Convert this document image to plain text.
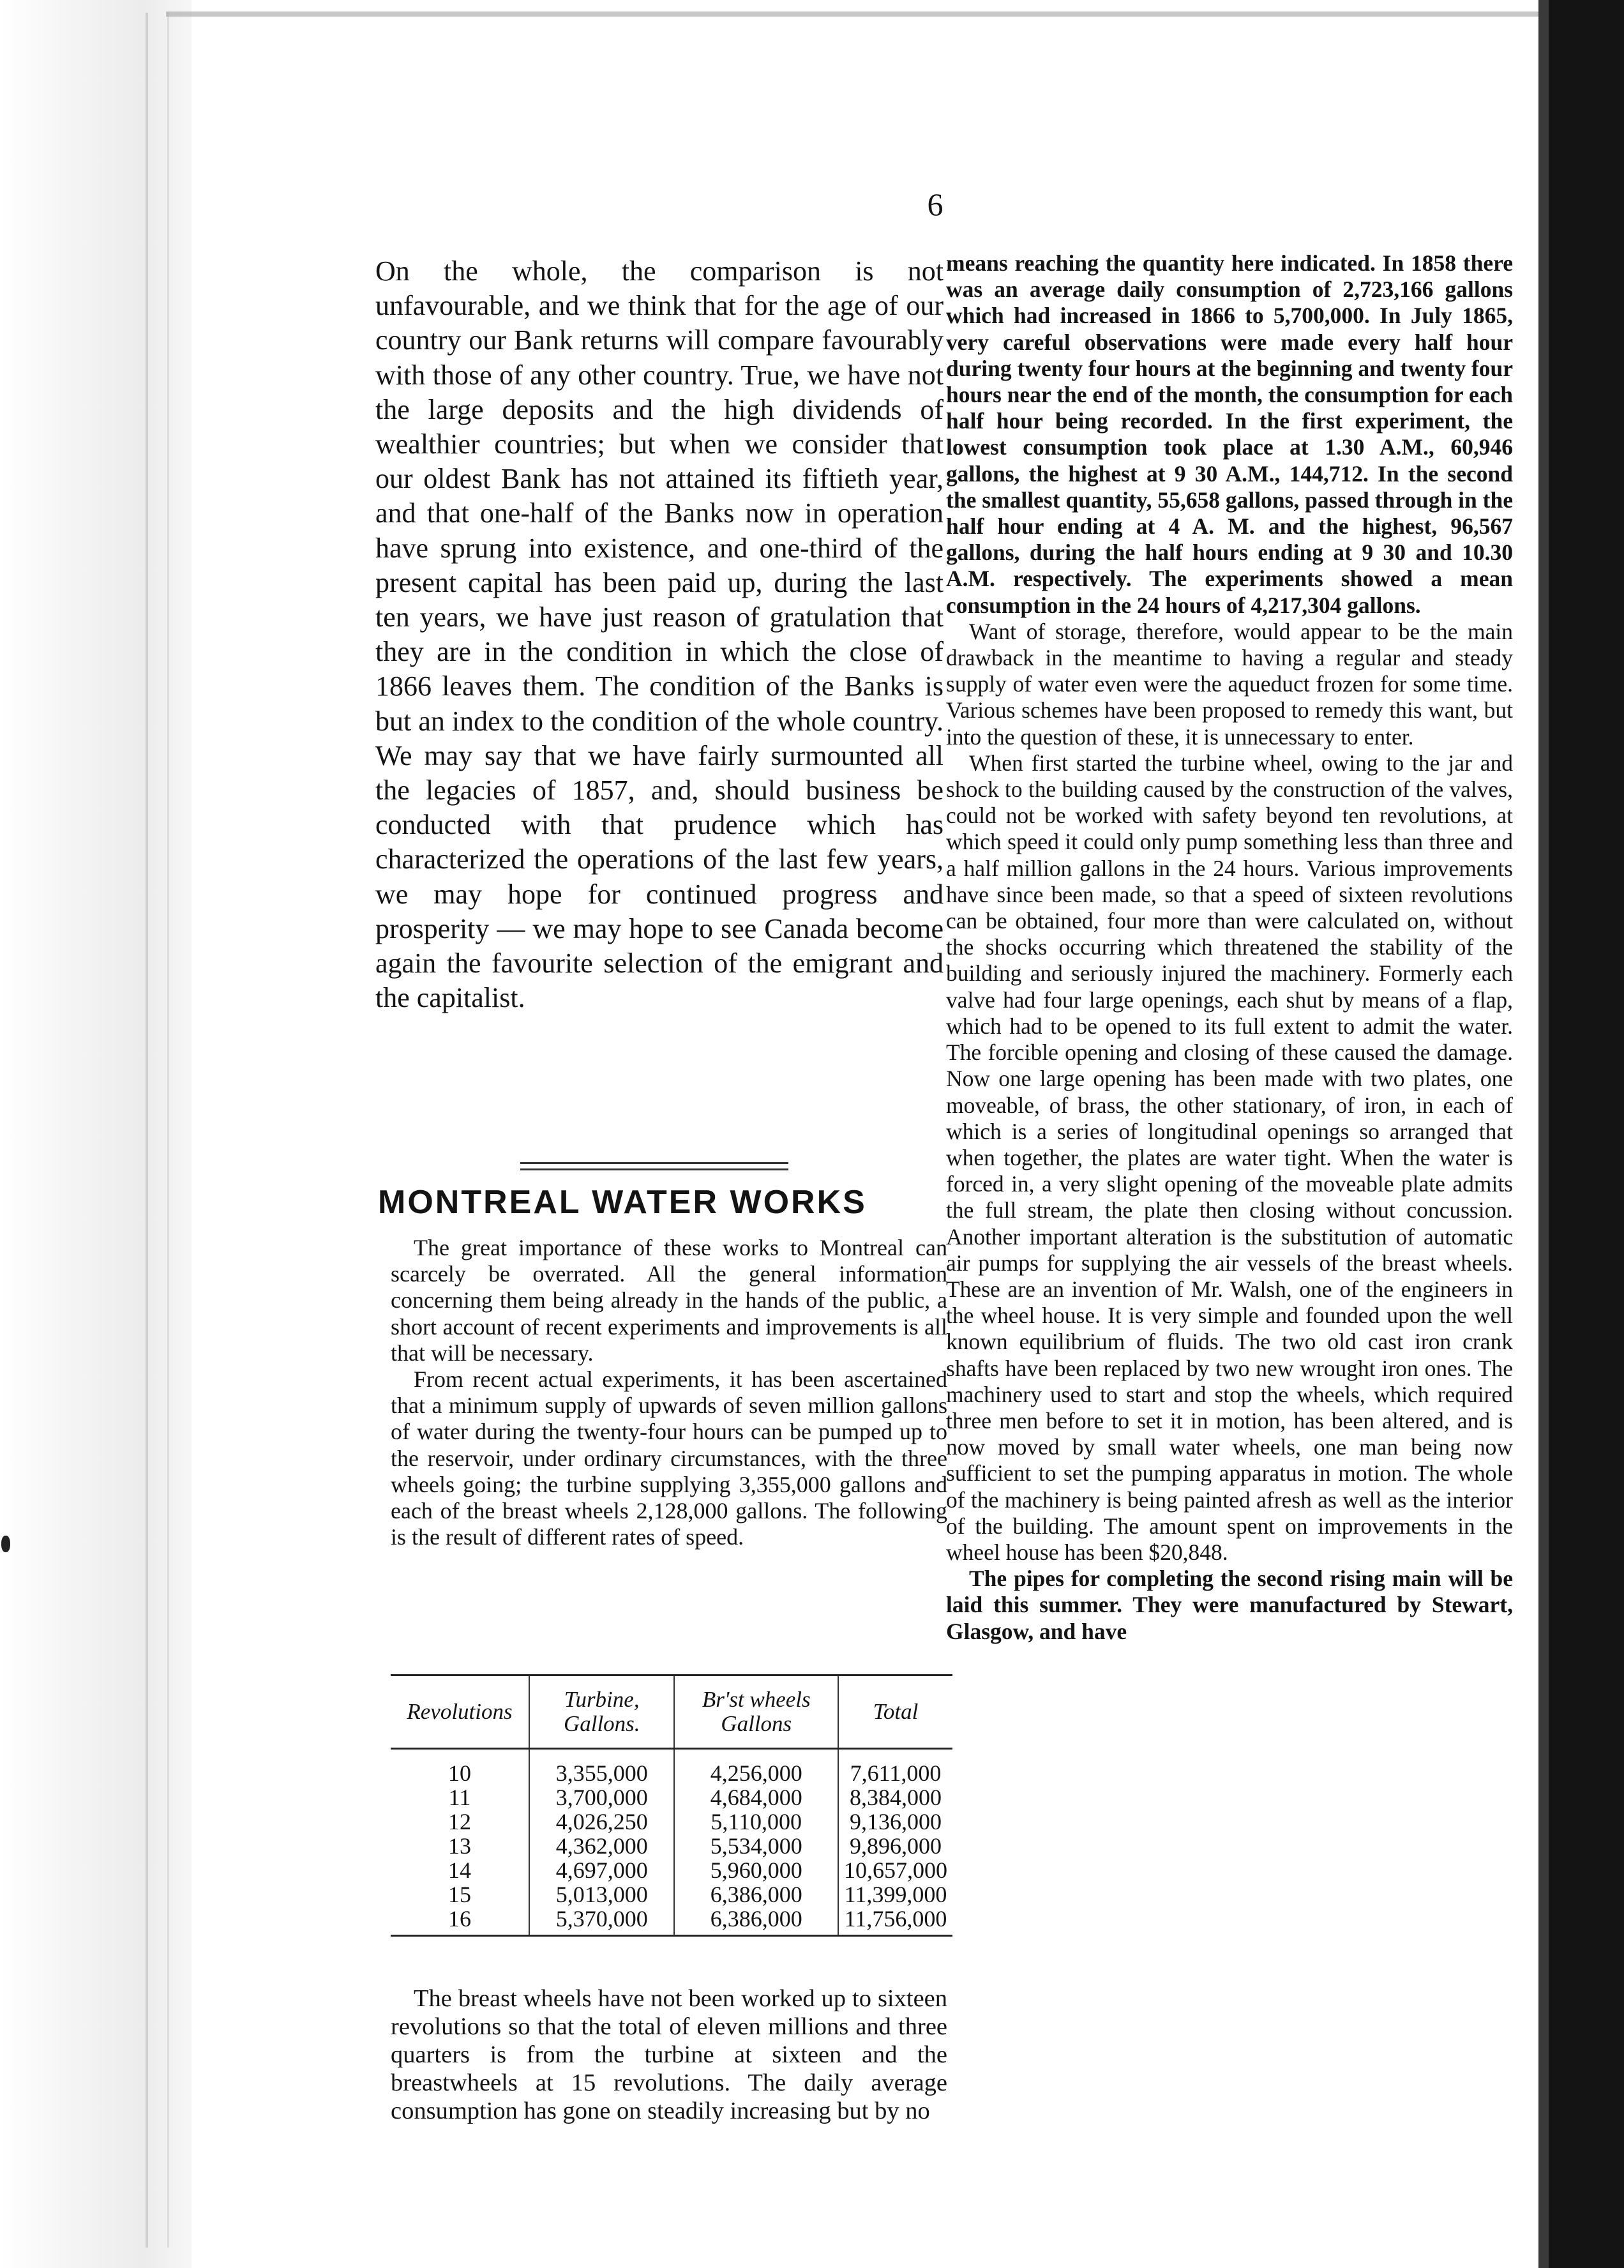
6

On the whole, the comparison is not unfavourable, and we think that for the age of our country our Bank returns will compare favourably with those of any other country. True, we have not the large deposits and the high dividends of wealthier countries; but when we consider that our oldest Bank has not attained its fiftieth year, and that one-half of the Banks now in operation have sprung into existence, and one-third of the present capital has been paid up, during the last ten years, we have just reason of gratulation that they are in the condition in which the close of 1866 leaves them. The condition of the Banks is but an index to the condition of the whole country. We may say that we have fairly surmounted all the legacies of 1857, and, should business be conducted with that prudence which has characterized the operations of the last few years, we may hope for continued progress and prosperity — we may hope to see Canada become again the favourite selection of the emigrant and the capitalist.

MONTREAL WATER WORKS

The great importance of these works to Montreal can scarcely be overrated. All the general information concerning them being already in the hands of the public, a short account of recent experiments and improvements is all that will be necessary.

From recent actual experiments, it has been ascertained that a minimum supply of upwards of seven million gallons of water during the twenty-four hours can be pumped up to the reservoir, under ordinary circumstances, with the three wheels going; the turbine supplying 3,355,000 gallons and each of the breast wheels 2,128,000 gallons. The following is the result of different rates of speed.

Revolutions	Turbine, Gallons.	Br'st wheels Gallons	Total
10	3,355,000	4,256,000	7,611,000
11	3,700,000	4,684,000	8,384,000
12	4,026,250	5,110,000	9,136,000
13	4,362,000	5,534,000	9,896,000
14	4,697,000	5,960,000	10,657,000
15	5,013,000	6,386,000	11,399,000
16	5,370,000	6,386,000	11,756,000

The breast wheels have not been worked up to sixteen revolutions so that the total of eleven millions and three quarters is from the turbine at sixteen and the breastwheels at 15 revolutions. The daily average consumption has gone on steadily increasing but by no

means reaching the quantity here indicated. In 1858 there was an average daily consumption of 2,723,166 gallons which had increased in 1866 to 5,700,000. In July 1865, very careful observations were made every half hour during twenty four hours at the beginning and twenty four hours near the end of the month, the consumption for each half hour being recorded. In the first experiment, the lowest consumption took place at 1.30 A.M., 60,946 gallons, the highest at 9 30 A.M., 144,712. In the second the smallest quantity, 55,658 gallons, passed through in the half hour ending at 4 A. M. and the highest, 96,567 gallons, during the half hours ending at 9 30 and 10.30 A.M. respectively. The experiments showed a mean consumption in the 24 hours of 4,217,304 gallons.

Want of storage, therefore, would appear to be the main drawback in the meantime to having a regular and steady supply of water even were the aqueduct frozen for some time. Various schemes have been proposed to remedy this want, but into the question of these, it is unnecessary to enter.

When first started the turbine wheel, owing to the jar and shock to the building caused by the construction of the valves, could not be worked with safety beyond ten revolutions, at which speed it could only pump something less than three and a half million gallons in the 24 hours. Various improvements have since been made, so that a speed of sixteen revolutions can be obtained, four more than were calculated on, without the shocks occurring which threatened the stability of the building and seriously injured the machinery. Formerly each valve had four large openings, each shut by means of a flap, which had to be opened to its full extent to admit the water. The forcible opening and closing of these caused the damage. Now one large opening has been made with two plates, one moveable, of brass, the other stationary, of iron, in each of which is a series of longitudinal openings so arranged that when together, the plates are water tight. When the water is forced in, a very slight opening of the moveable plate admits the full stream, the plate then closing without concussion. Another important alteration is the substitution of automatic air pumps for supplying the air vessels of the breast wheels. These are an invention of Mr. Walsh, one of the engineers in the wheel house. It is very simple and founded upon the well known equilibrium of fluids. The two old cast iron crank shafts have been replaced by two new wrought iron ones. The machinery used to start and stop the wheels, which required three men before to set it in motion, has been altered, and is now moved by small water wheels, one man being now sufficient to set the pumping apparatus in motion. The whole of the machinery is being painted afresh as well as the interior of the building. The amount spent on improvements in the wheel house has been $20,848.

The pipes for completing the second rising main will be laid this summer. They were manufactured by Stewart, Glasgow, and have
